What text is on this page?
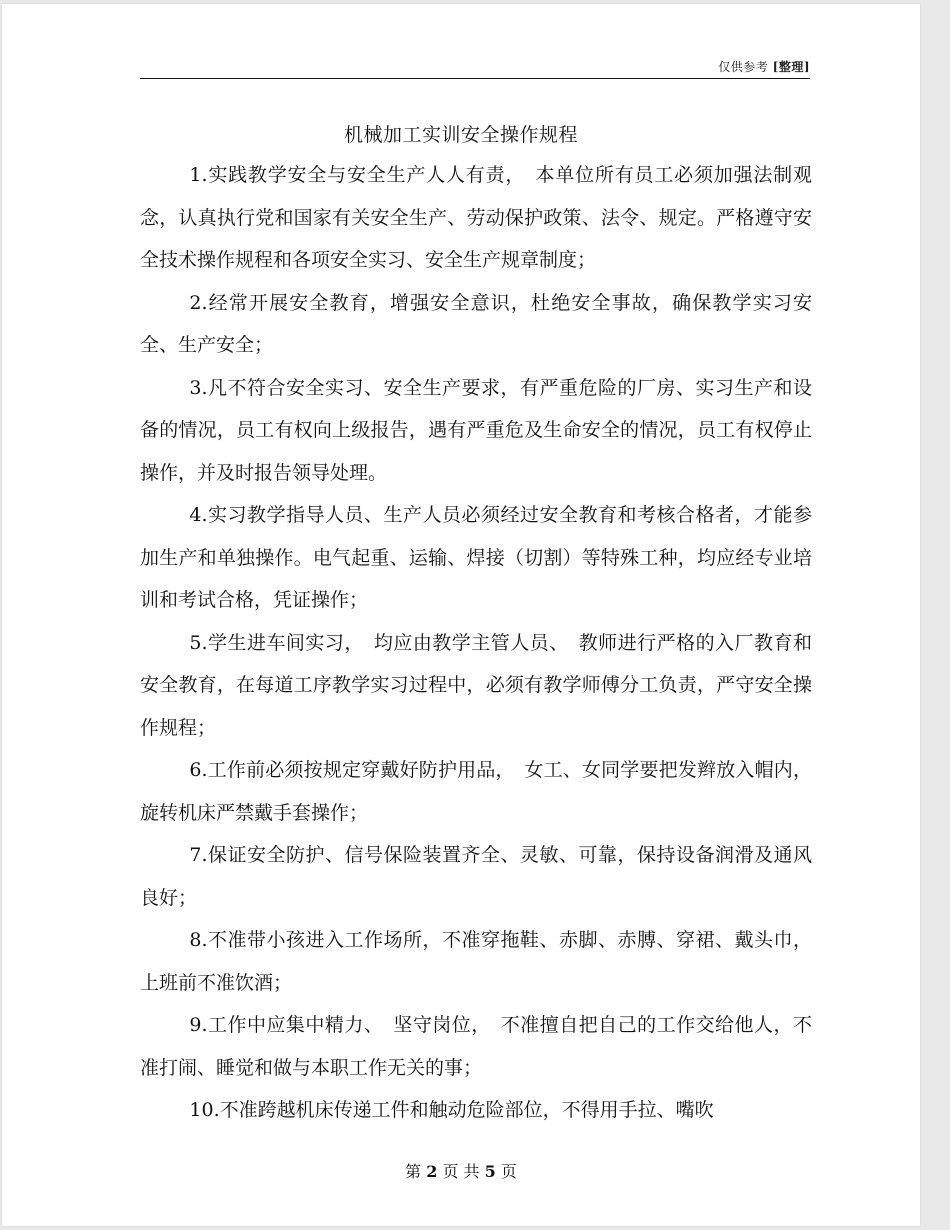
仅供参考 [整理]
机械加工实训安全操作规程

1.实践教学安全与安全生产人人有责，　本单位所有员工必须加强法制观念，认真执行党和国家有关安全生产、劳动保护政策、法令、规定。严格遵守安全技术操作规程和各项安全实习、安全生产规章制度；

2.经常开展安全教育，增强安全意识，杜绝安全事故，确保教学实习安全、生产安全；

3.凡不符合安全实习、安全生产要求，有严重危险的厂房、实习生产和设备的情况，员工有权向上级报告，遇有严重危及生命安全的情况，员工有权停止操作，并及时报告领导处理。

4.实习教学指导人员、生产人员必须经过安全教育和考核合格者，才能参加生产和单独操作。电气起重、运输、焊接（切割）等特殊工种，均应经专业培训和考试合格，凭证操作；

5.学生进车间实习，　均应由教学主管人员、　教师进行严格的入厂教育和安全教育，在每道工序教学实习过程中，必须有教学师傅分工负责，严守安全操作规程；

6.工作前必须按规定穿戴好防护用品，　女工、女同学要把发辫放入帽内，旋转机床严禁戴手套操作；

7.保证安全防护、信号保险装置齐全、灵敏、可靠，保持设备润滑及通风良好；

8.不准带小孩进入工作场所，不准穿拖鞋、赤脚、赤膊、穿裙、戴头巾，上班前不准饮酒；

9.工作中应集中精力、　坚守岗位，　不准擅自把自己的工作交给他人，不准打闹、睡觉和做与本职工作无关的事；

10.不准跨越机床传递工件和触动危险部位，不得用手拉、嘴吹

第 2 页 共 5 页
